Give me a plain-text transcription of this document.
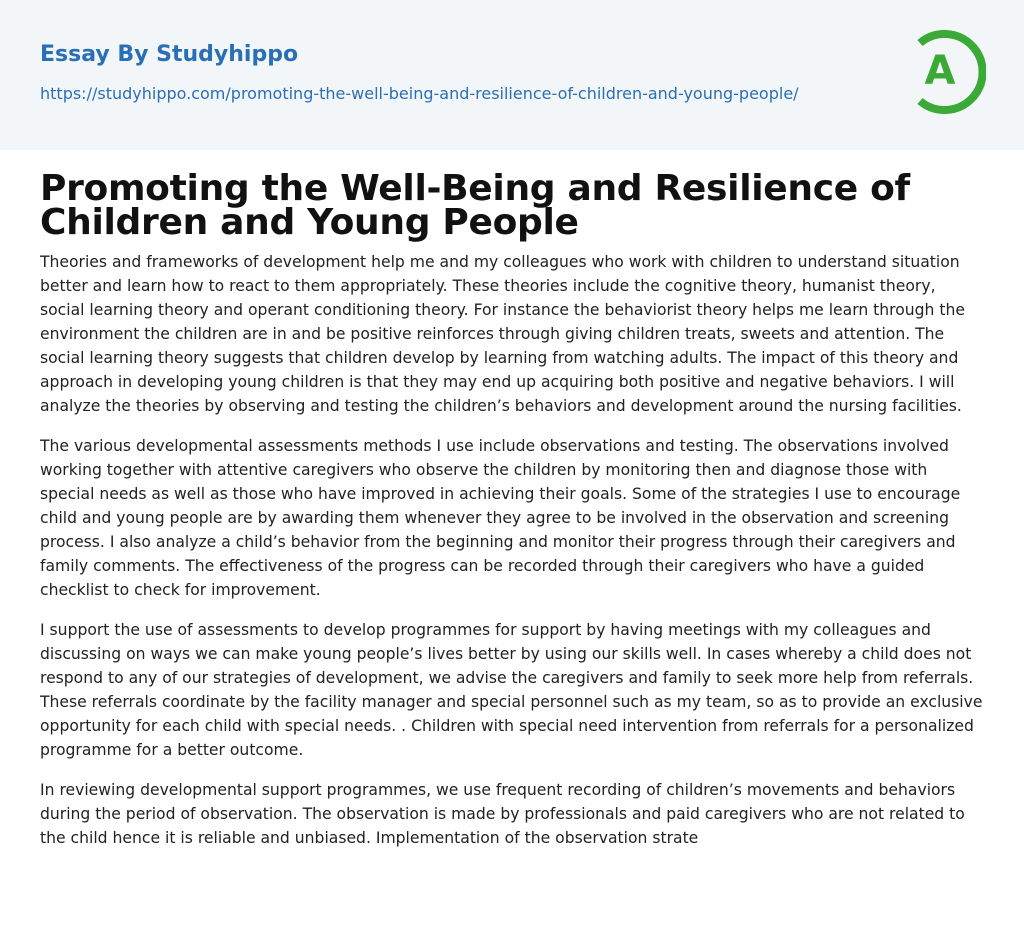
Essay By Studyhippo
https://studyhippo.com/promoting-the-well-being-and-resilience-of-children-and-young-people/	A
Promoting the Well-Being and Resilience of Children and Young People

Theories and frameworks of development help me and my colleagues who work with children to understand situation better and learn how to react to them appropriately. These theories include the cognitive theory, humanist theory, social learning theory and operant conditioning theory. For instance the behaviorist theory helps me learn through the environment the children are in and be positive reinforces through giving children treats, sweets and attention. The social learning theory suggests that children develop by learning from watching adults. The impact of this theory and approach in developing young children is that they may end up acquiring both positive and negative behaviors. I will analyze the theories by observing and testing the children’s behaviors and development around the nursing facilities.

The various developmental assessments methods I use include observations and testing. The observations involved working together with attentive caregivers who observe the children by monitoring then and diagnose those with special needs as well as those who have improved in achieving their goals. Some of the strategies I use to encourage child and young people are by awarding them whenever they agree to be involved in the observation and screening process. I also analyze a child’s behavior from the beginning and monitor their progress through their caregivers and family comments. The effectiveness of the progress can be recorded through their caregivers who have a guided checklist to check for improvement.

I support the use of assessments to develop programmes for support by having meetings with my colleagues and discussing on ways we can make young people’s lives better by using our skills well. In cases whereby a child does not respond to any of our strategies of development, we advise the caregivers and family to seek more help from referrals. These referrals coordinate by the facility manager and special personnel such as my team, so as to provide an exclusive opportunity for each child with special needs. . Children with special need intervention from referrals for a personalized programme for a better outcome.

In reviewing developmental support programmes, we use frequent recording of children’s movements and behaviors during the period of observation. The observation is made by professionals and paid caregivers who are not related to the child hence it is reliable and unbiased. Implementation of the observation strate
